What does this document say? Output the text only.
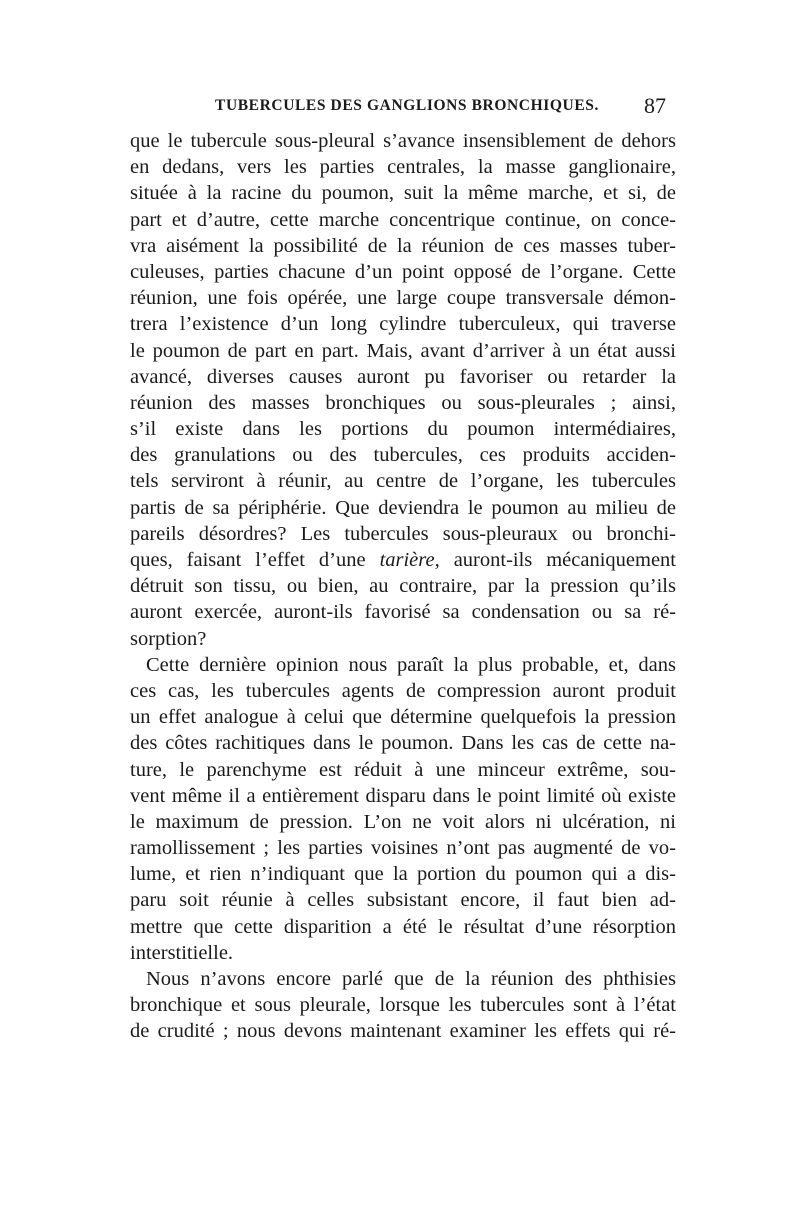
TUBERCULES DES GANGLIONS BRONCHIQUES. 87
que le tubercule sous-pleural s’avance insensiblement de dehors
en dedans, vers les parties centrales, la masse ganglionaire,
située à la racine du poumon, suit la même marche, et si, de
part et d’autre, cette marche concentrique continue, on conce-
vra aisément la possibilité de la réunion de ces masses tuber-
culeuses, parties chacune d’un point opposé de l’organe. Cette
réunion, une fois opérée, une large coupe transversale démon-
trera l’existence d’un long cylindre tuberculeux, qui traverse
le poumon de part en part. Mais, avant d’arriver à un état aussi
avancé, diverses causes auront pu favoriser ou retarder la
réunion des masses bronchiques ou sous-pleurales ; ainsi,
s’il existe dans les portions du poumon intermédiaires,
des granulations ou des tubercules, ces produits acciden-
tels serviront à réunir, au centre de l’organe, les tubercules
partis de sa périphérie. Que deviendra le poumon au milieu de
pareils désordres? Les tubercules sous-pleuraux ou bronchi-
ques, faisant l’effet d’une tarière, auront-ils mécaniquement
détruit son tissu, ou bien, au contraire, par la pression qu’ils
auront exercée, auront-ils favorisé sa condensation ou sa ré-
sorption?
Cette dernière opinion nous paraît la plus probable, et, dans
ces cas, les tubercules agents de compression auront produit
un effet analogue à celui que détermine quelquefois la pression
des côtes rachitiques dans le poumon. Dans les cas de cette na-
ture, le parenchyme est réduit à une minceur extrême, sou-
vent même il a entièrement disparu dans le point limité où existe
le maximum de pression. L’on ne voit alors ni ulcération, ni
ramollissement ; les parties voisines n’ont pas augmenté de vo-
lume, et rien n’indiquant que la portion du poumon qui a dis-
paru soit réunie à celles subsistant encore, il faut bien ad-
mettre que cette disparition a été le résultat d’une résorption
interstitielle.
Nous n’avons encore parlé que de la réunion des phthisies
bronchique et sous pleurale, lorsque les tubercules sont à l’état
de crudité ; nous devons maintenant examiner les effets qui ré-
